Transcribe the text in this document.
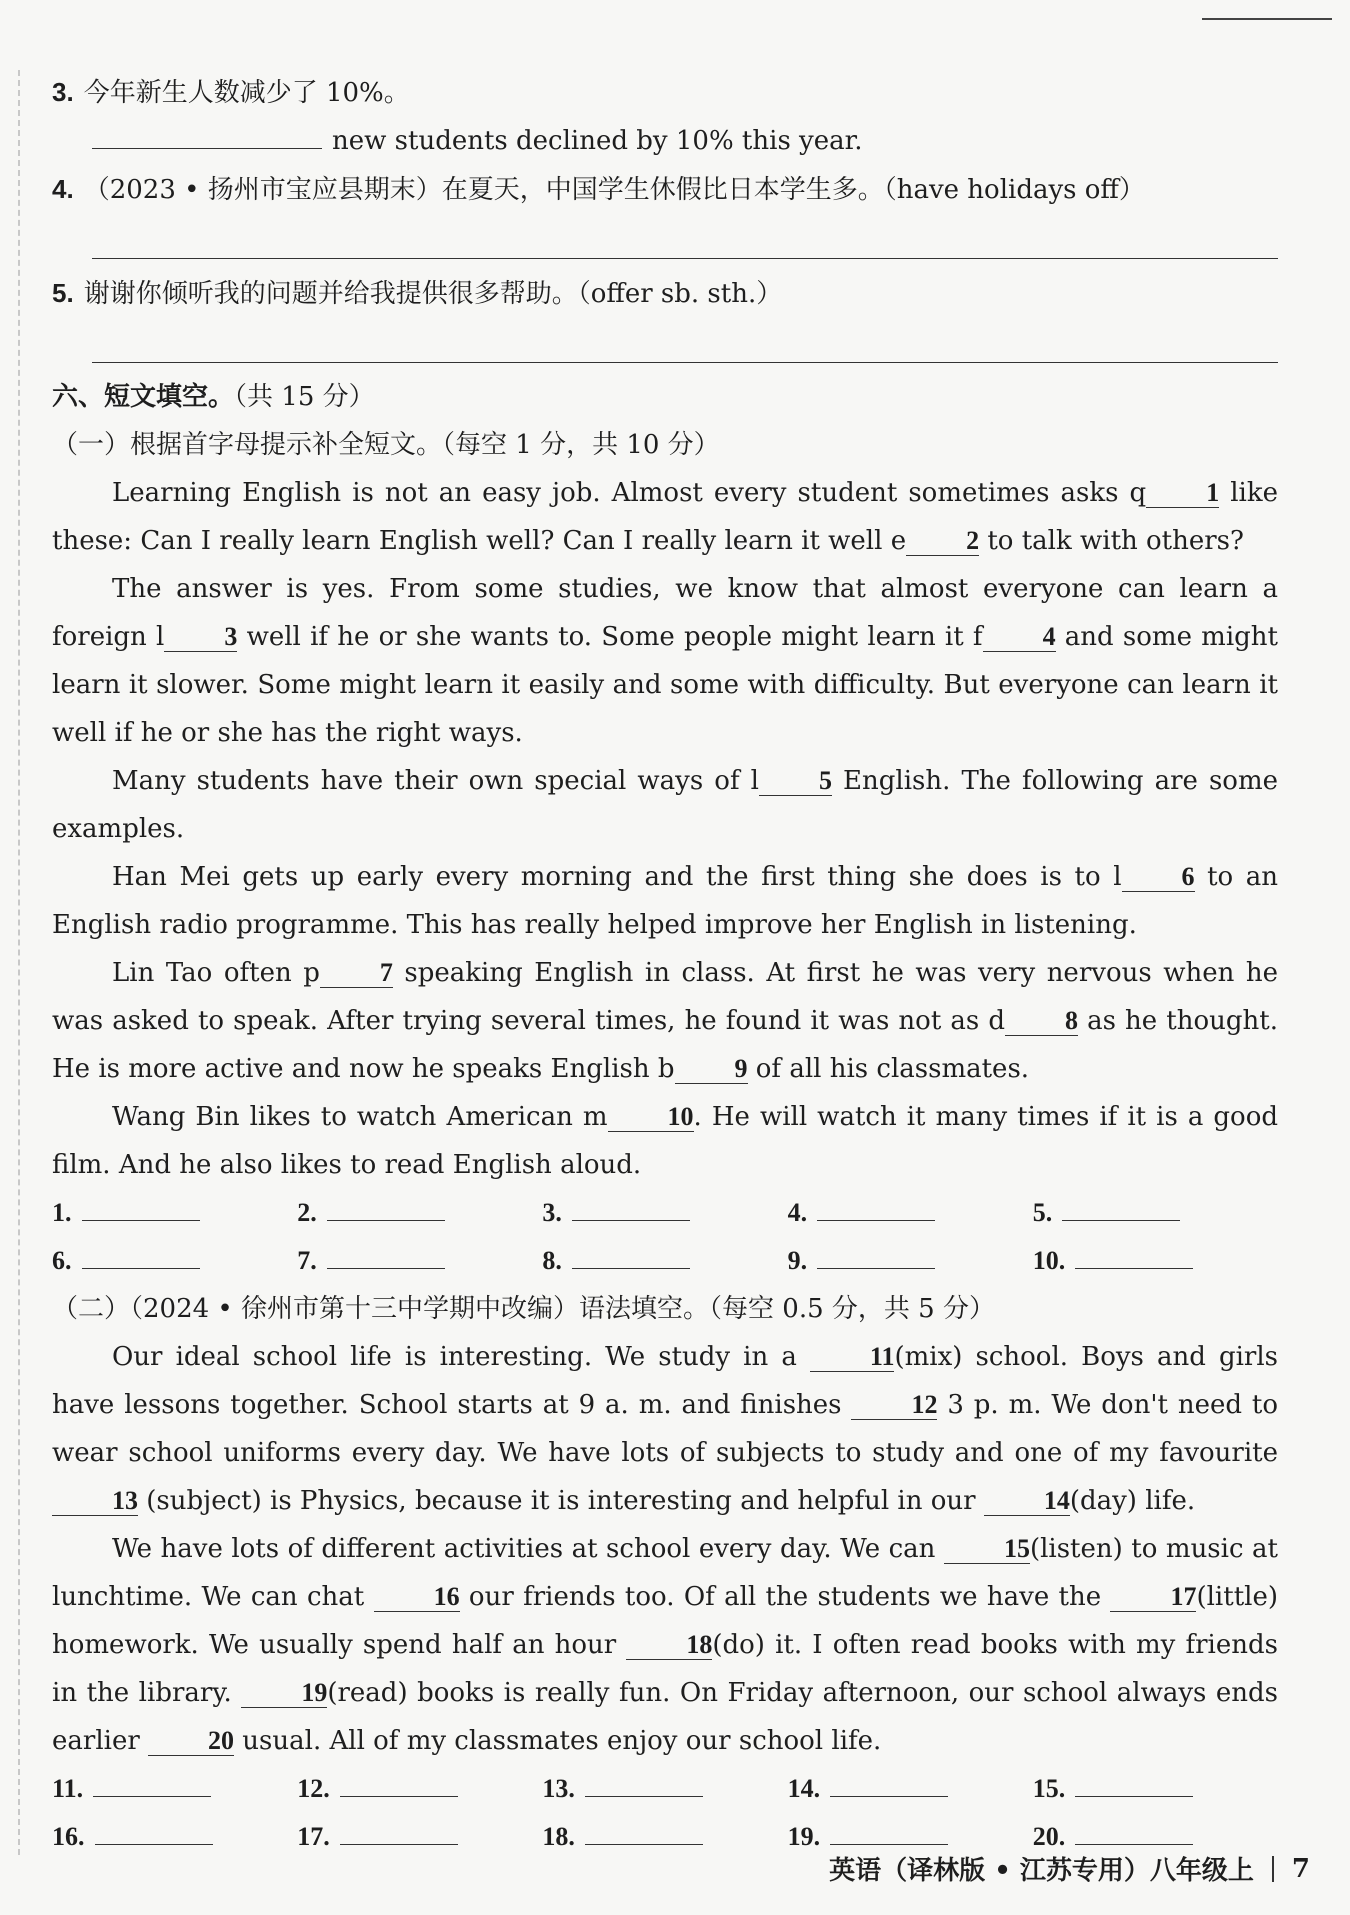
3. 今年新生人数减少了 10%。
new students declined by 10% this year.
4. （2023 • 扬州市宝应县期末）在夏天，中国学生休假比日本学生多。（have holidays off）
5. 谢谢你倾听我的问题并给我提供很多帮助。（offer sb. sth.）
六、短文填空。（共 15 分）
（一）根据首字母提示补全短文。（每空 1 分，共 10 分）

Learning English is not an easy job. Almost every student sometimes asks q 1 like these: Can I really learn English well? Can I really learn it well e 2 to talk with others?

The answer is yes. From some studies, we know that almost everyone can learn a foreign l 3 well if he or she wants to. Some people might learn it f 4 and some might learn it slower. Some might learn it easily and some with difficulty. But everyone can learn it well if he or she has the right ways.

Many students have their own special ways of l 5 English. The following are some examples.

Han Mei gets up early every morning and the first thing she does is to l 6 to an English radio programme. This has really helped improve her English in listening.

Lin Tao often p 7 speaking English in class. At first he was very nervous when he was asked to speak. After trying several times, he found it was not as d 8 as he thought. He is more active and now he speaks English b 9 of all his classmates.

Wang Bin likes to watch American m 10. He will watch it many times if it is a good film. And he also likes to read English aloud.

1.	2.	3.	4.	5.
6.	7.	8.	9.	10.
（二）（2024 • 徐州市第十三中学期中改编）语法填空。（每空 0.5 分，共 5 分）

Our ideal school life is interesting. We study in a 11(mix) school. Boys and girls have lessons together. School starts at 9 a. m. and finishes 12 3 p. m. We don't need to wear school uniforms every day. We have lots of subjects to study and one of my favourite 13 (subject) is Physics, because it is interesting and helpful in our 14(day) life.

We have lots of different activities at school every day. We can 15(listen) to music at lunchtime. We can chat 16 our friends too. Of all the students we have the 17(little) homework. We usually spend half an hour 18(do) it. I often read books with my friends in the library. 19(read) books is really fun. On Friday afternoon, our school always ends earlier 20 usual. All of my classmates enjoy our school life.

11.	12.	13.	14.	15.
16.	17.	18.	19.	20.
英语（译林版 • 江苏专用）八年级上 7
